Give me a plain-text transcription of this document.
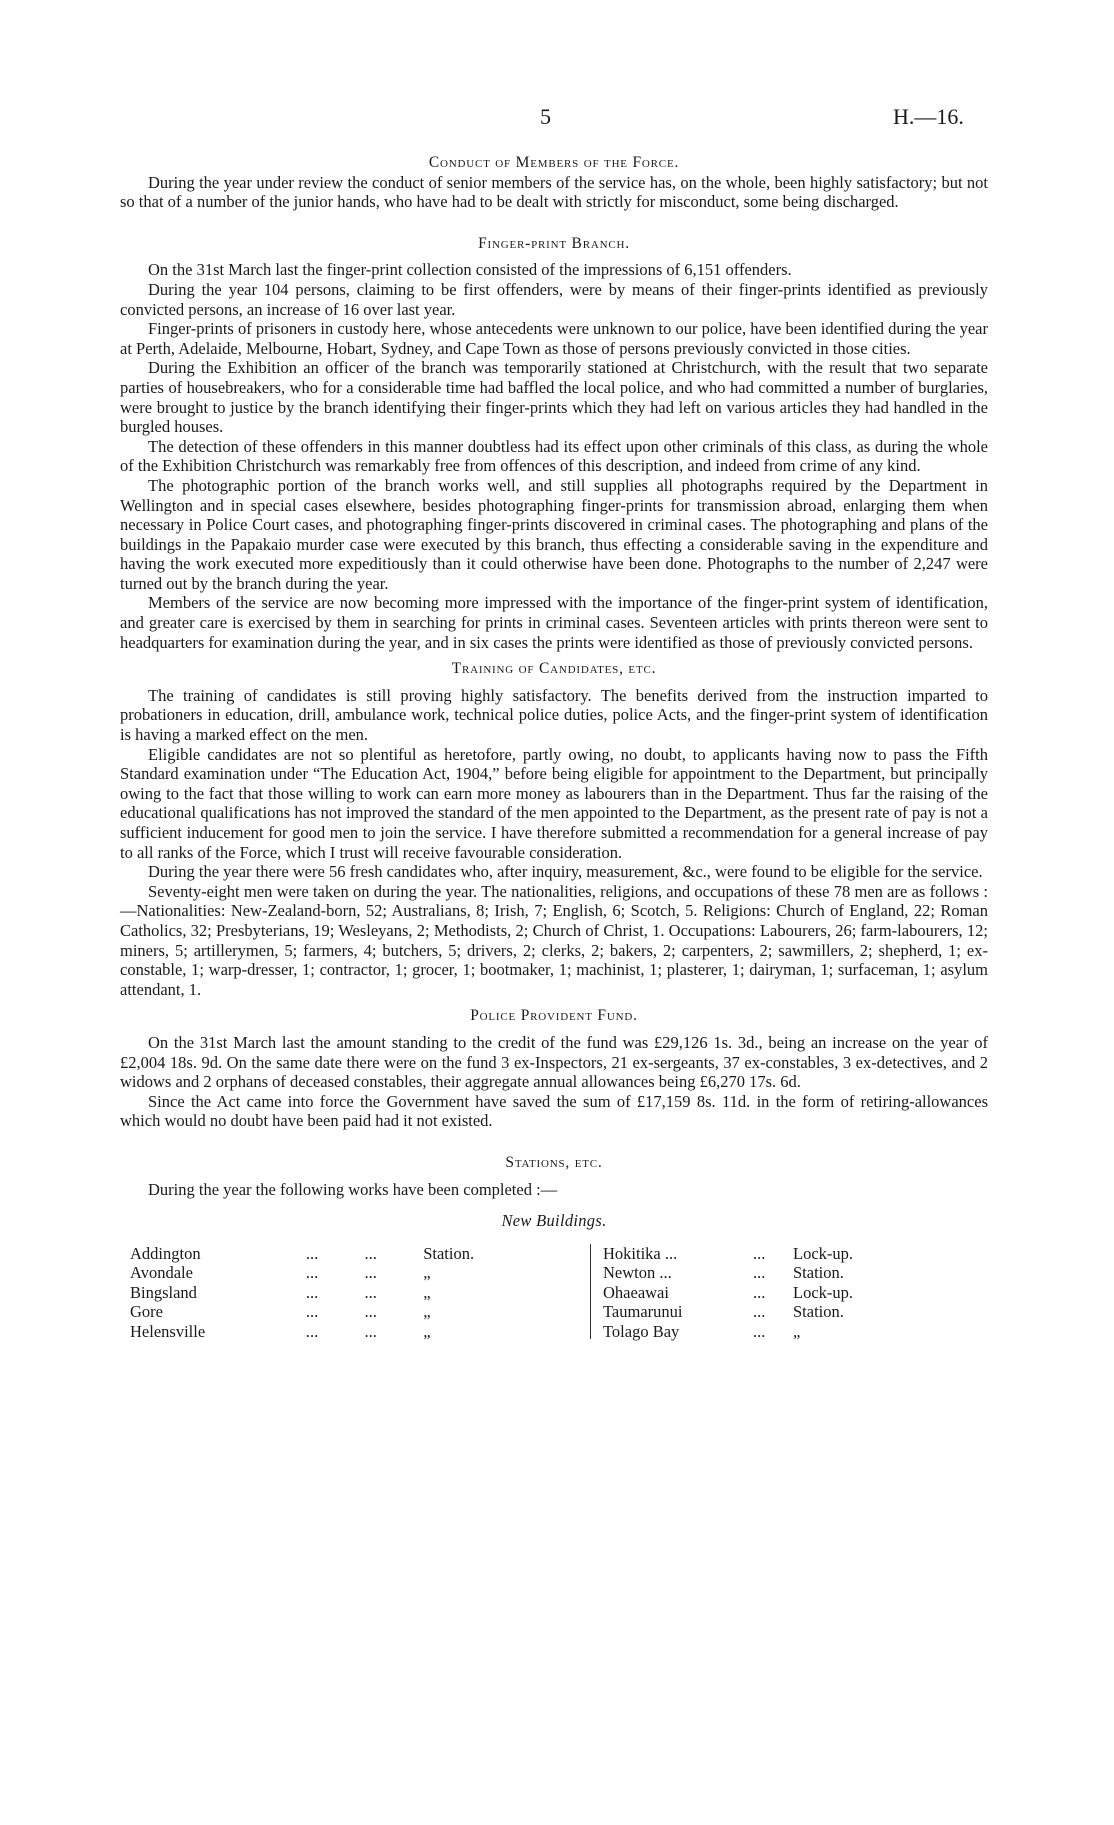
5	H.—16.
Conduct of Members of the Force.

During the year under review the conduct of senior members of the service has, on the whole, been highly satisfactory; but not so that of a number of the junior hands, who have had to be dealt with strictly for misconduct, some being discharged.

Finger-print Branch.

On the 31st March last the finger-print collection consisted of the impressions of 6,151 offenders.

During the year 104 persons, claiming to be first offenders, were by means of their finger-prints identified as previously convicted persons, an increase of 16 over last year.

Finger-prints of prisoners in custody here, whose antecedents were unknown to our police, have been identified during the year at Perth, Adelaide, Melbourne, Hobart, Sydney, and Cape Town as those of persons previously convicted in those cities.

During the Exhibition an officer of the branch was temporarily stationed at Christchurch, with the result that two separate parties of housebreakers, who for a considerable time had baffled the local police, and who had committed a number of burglaries, were brought to justice by the branch identifying their finger-prints which they had left on various articles they had handled in the burgled houses.

The detection of these offenders in this manner doubtless had its effect upon other criminals of this class, as during the whole of the Exhibition Christchurch was remarkably free from offences of this description, and indeed from crime of any kind.

The photographic portion of the branch works well, and still supplies all photographs required by the Department in Wellington and in special cases elsewhere, besides photographing finger-prints for transmission abroad, enlarging them when necessary in Police Court cases, and photographing finger-prints discovered in criminal cases. The photographing and plans of the buildings in the Papakaio murder case were executed by this branch, thus effecting a considerable saving in the expenditure and having the work executed more expeditiously than it could otherwise have been done. Photographs to the number of 2,247 were turned out by the branch during the year.

Members of the service are now becoming more impressed with the importance of the finger-print system of identification, and greater care is exercised by them in searching for prints in criminal cases. Seventeen articles with prints thereon were sent to headquarters for examination during the year, and in six cases the prints were identified as those of previously convicted persons.

Training of Candidates, etc.

The training of candidates is still proving highly satisfactory. The benefits derived from the instruction imparted to probationers in education, drill, ambulance work, technical police duties, police Acts, and the finger-print system of identification is having a marked effect on the men.

Eligible candidates are not so plentiful as heretofore, partly owing, no doubt, to applicants having now to pass the Fifth Standard examination under “The Education Act, 1904,” before being eligible for appointment to the Department, but principally owing to the fact that those willing to work can earn more money as labourers than in the Department. Thus far the raising of the educational qualifications has not improved the standard of the men appointed to the Department, as the present rate of pay is not a sufficient inducement for good men to join the service. I have therefore submitted a recommendation for a general increase of pay to all ranks of the Force, which I trust will receive favourable consideration.

During the year there were 56 fresh candidates who, after inquiry, measurement, &c., were found to be eligible for the service.

Seventy-eight men were taken on during the year. The nationalities, religions, and occupations of these 78 men are as follows :—Nationalities: New-Zealand-born, 52; Australians, 8; Irish, 7; English, 6; Scotch, 5. Religions: Church of England, 22; Roman Catholics, 32; Presbyterians, 19; Wesleyans, 2; Methodists, 2; Church of Christ, 1. Occupations: Labourers, 26; farm-labourers, 12; miners, 5; artillerymen, 5; farmers, 4; butchers, 5; drivers, 2; clerks, 2; bakers, 2; carpenters, 2; sawmillers, 2; shepherd, 1; ex-constable, 1; warp-dresser, 1; contractor, 1; grocer, 1; bootmaker, 1; machinist, 1; plasterer, 1; dairyman, 1; surfaceman, 1; asylum attendant, 1.

Police Provident Fund.

On the 31st March last the amount standing to the credit of the fund was £29,126 1s. 3d., being an increase on the year of £2,004 18s. 9d. On the same date there were on the fund 3 ex-Inspectors, 21 ex-sergeants, 37 ex-constables, 3 ex-detectives, and 2 widows and 2 orphans of deceased constables, their aggregate annual allowances being £6,270 17s. 6d.

Since the Act came into force the Government have saved the sum of £17,159 8s. 11d. in the form of retiring-allowances which would no doubt have been paid had it not existed.

Stations, etc.

During the year the following works have been completed :—

New Buildings.
Addington	...	...	Station.
Avondale	...	...	„
Bingsland	...	...	„
Gore	...	...	„
Helensville	...	...	„
Hokitika ...	...	Lock-up.
Newton ...	...	Station.
Ohaeawai	...	Lock-up.
Taumarunui	...	Station.
Tolago Bay	...	„
